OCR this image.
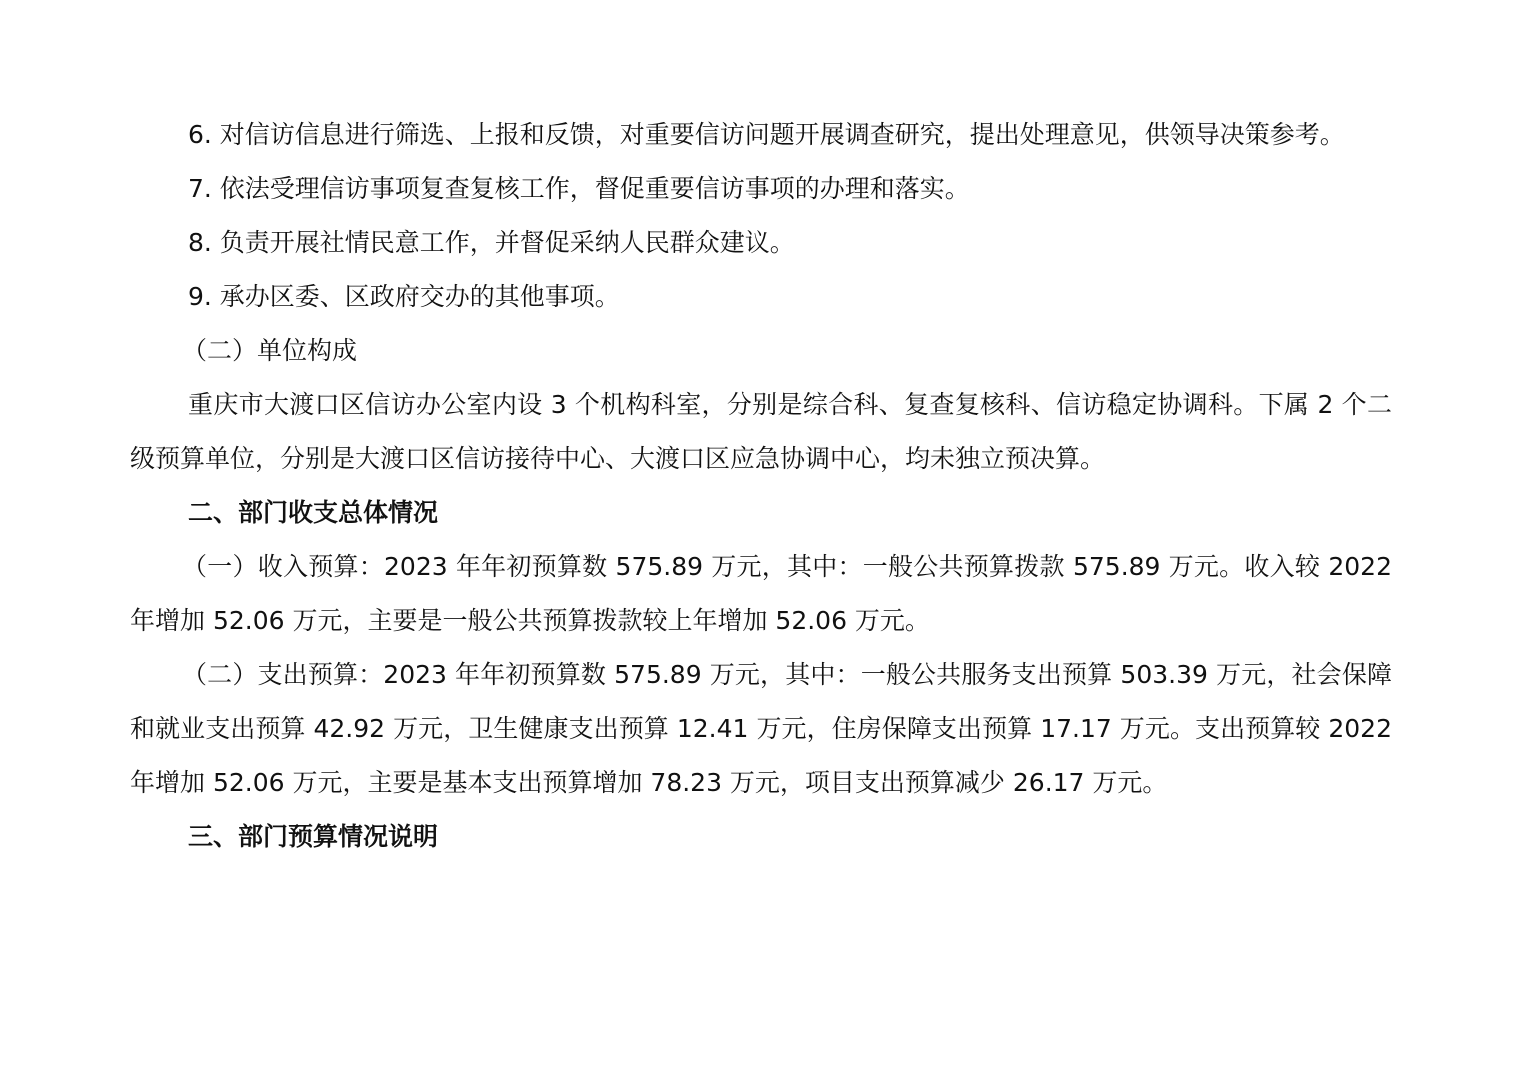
6. 对信访信息进行筛选、上报和反馈，对重要信访问题开展调查研究，提出处理意见，供领导决策参考。

7. 依法受理信访事项复查复核工作，督促重要信访事项的办理和落实。

8. 负责开展社情民意工作，并督促采纳人民群众建议。

9. 承办区委、区政府交办的其他事项。

（二）单位构成

重庆市大渡口区信访办公室内设 3 个机构科室，分别是综合科、复查复核科、信访稳定协调科。下属 2 个二级预算单位，分别是大渡口区信访接待中心、大渡口区应急协调中心，均未独立预决算。

二、部门收支总体情况

（一）收入预算：2023 年年初预算数 575.89 万元，其中：一般公共预算拨款 575.89 万元。收入较 2022 年增加 52.06 万元，主要是一般公共预算拨款较上年增加 52.06 万元。

（二）支出预算：2023 年年初预算数 575.89 万元，其中：一般公共服务支出预算 503.39 万元，社会保障和就业支出预算 42.92 万元，卫生健康支出预算 12.41 万元，住房保障支出预算 17.17 万元。支出预算较 2022 年增加 52.06 万元，主要是基本支出预算增加 78.23 万元，项目支出预算减少 26.17 万元。

三、部门预算情况说明
